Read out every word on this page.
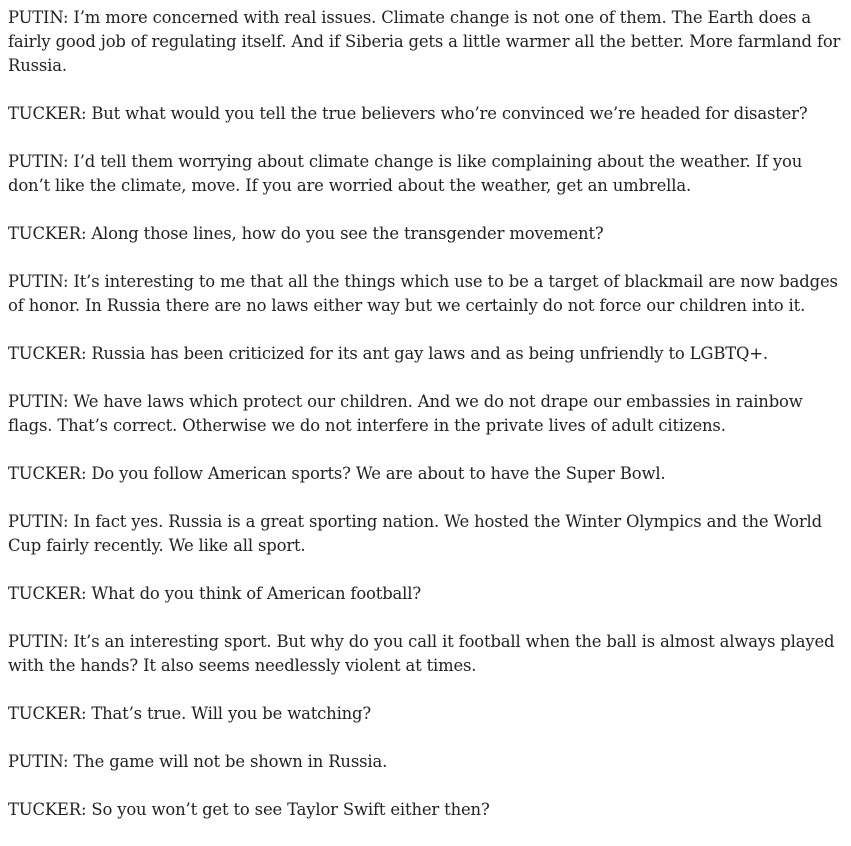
PUTIN: I’m more concerned with real issues. Climate change is not one of them. The Earth does a fairly good job of regulating itself. And if Siberia gets a little warmer all the better. More farmland for Russia.

TUCKER: But what would you tell the true believers who’re convinced we’re headed for disaster?

PUTIN: I’d tell them worrying about climate change is like complaining about the weather. If you don’t like the climate, move. If you are worried about the weather, get an umbrella.

TUCKER: Along those lines, how do you see the transgender movement?

PUTIN: It’s interesting to me that all the things which use to be a target of blackmail are now badges of honor. In Russia there are no laws either way but we certainly do not force our children into it.

TUCKER: Russia has been criticized for its ant gay laws and as being unfriendly to LGBTQ+.

PUTIN: We have laws which protect our children. And we do not drape our embassies in rainbow flags. That’s correct. Otherwise we do not interfere in the private lives of adult citizens.

TUCKER: Do you follow American sports? We are about to have the Super Bowl.

PUTIN: In fact yes. Russia is a great sporting nation. We hosted the Winter Olympics and the World Cup fairly recently. We like all sport.

TUCKER: What do you think of American football?

PUTIN: It’s an interesting sport. But why do you call it football when the ball is almost always played with the hands? It also seems needlessly violent at times.

TUCKER: That’s true. Will you be watching?

PUTIN: The game will not be shown in Russia.

TUCKER: So you won’t get to see Taylor Swift either then?
